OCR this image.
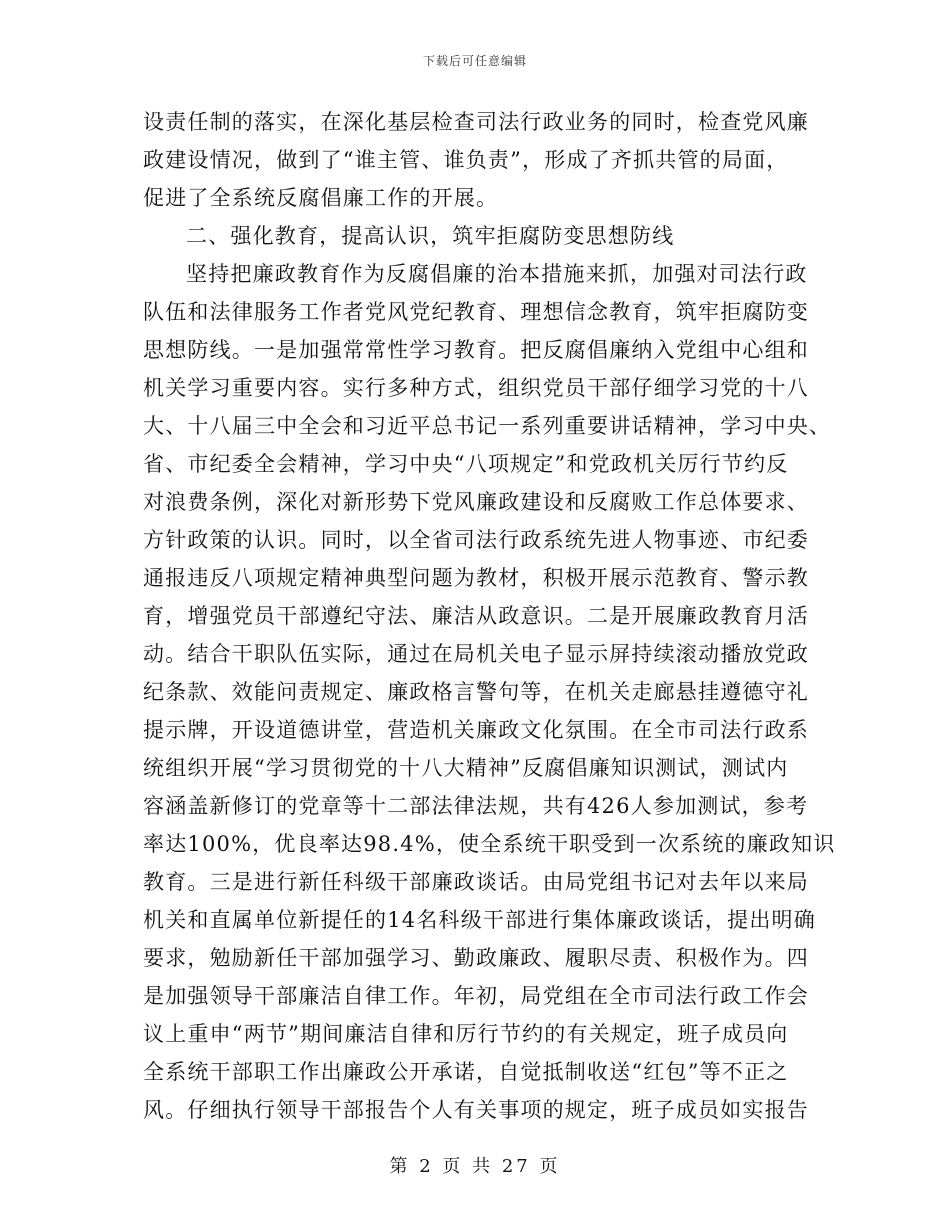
下载后可任意编辑
设责任制的落实，在深化基层检查司法行政业务的同时，检查党风廉
政建设情况，做到了“谁主管、谁负责”，形成了齐抓共管的局面，
促进了全系统反腐倡廉工作的开展。
二、强化教育，提高认识，筑牢拒腐防变思想防线
坚持把廉政教育作为反腐倡廉的治本措施来抓，加强对司法行政
队伍和法律服务工作者党风党纪教育、理想信念教育，筑牢拒腐防变
思想防线。一是加强常常性学习教育。把反腐倡廉纳入党组中心组和
机关学习重要内容。实行多种方式，组织党员干部仔细学习党的十八
大、十八届三中全会和习近平总书记一系列重要讲话精神，学习中央、
省、市纪委全会精神，学习中央“八项规定”和党政机关厉行节约反
对浪费条例，深化对新形势下党风廉政建设和反腐败工作总体要求、
方针政策的认识。同时，以全省司法行政系统先进人物事迹、市纪委
通报违反八项规定精神典型问题为教材，积极开展示范教育、警示教
育，增强党员干部遵纪守法、廉洁从政意识。二是开展廉政教育月活
动。结合干职队伍实际，通过在局机关电子显示屏持续滚动播放党政
纪条款、效能问责规定、廉政格言警句等，在机关走廊悬挂遵德守礼
提示牌，开设道德讲堂，营造机关廉政文化氛围。在全市司法行政系
统组织开展“学习贯彻党的十八大精神”反腐倡廉知识测试，测试内
容涵盖新修订的党章等十二部法律法规，共有426人参加测试，参考
率达100%，优良率达98.4%，使全系统干职受到一次系统的廉政知识
教育。三是进行新任科级干部廉政谈话。由局党组书记对去年以来局
机关和直属单位新提任的14名科级干部进行集体廉政谈话，提出明确
要求，勉励新任干部加强学习、勤政廉政、履职尽责、积极作为。四
是加强领导干部廉洁自律工作。年初，局党组在全市司法行政工作会
议上重申“两节”期间廉洁自律和厉行节约的有关规定，班子成员向
全系统干部职工作出廉政公开承诺，自觉抵制收送“红包”等不正之
风。仔细执行领导干部报告个人有关事项的规定，班子成员如实报告
第 2 页 共 27 页
